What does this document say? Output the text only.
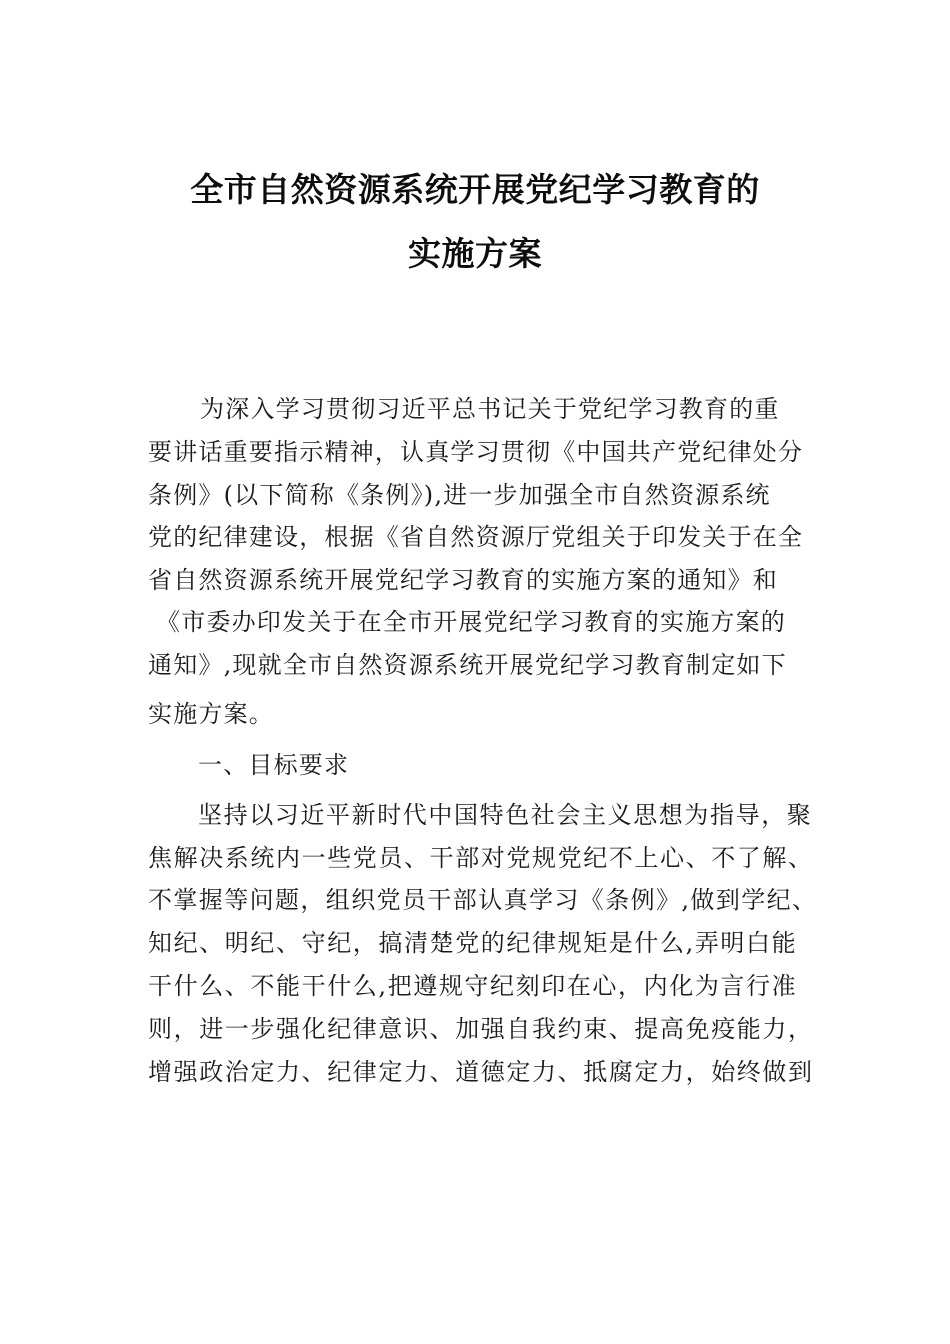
全市自然资源系统开展党纪学习教育的
实施方案
为深入学习贯彻习近平总书记关于党纪学习教育的重
要讲话重要指示精神，认真学习贯彻《中国共产党纪律处分
条例》(以下简称《条例》),进一步加强全市自然资源系统
党的纪律建设，根据《省自然资源厅党组关于印发关于在全
省自然资源系统开展党纪学习教育的实施方案的通知》和
《市委办印发关于在全市开展党纪学习教育的实施方案的
通知》,现就全市自然资源系统开展党纪学习教育制定如下
实施方案。
一、目标要求
坚持以习近平新时代中国特色社会主义思想为指导，聚
焦解决系统内一些党员、干部对党规党纪不上心、不了解、
不掌握等问题，组织党员干部认真学习《条例》,做到学纪、
知纪、明纪、守纪，搞清楚党的纪律规矩是什么,弄明白能
干什么、不能干什么,把遵规守纪刻印在心，内化为言行准
则，进一步强化纪律意识、加强自我约束、提高免疫能力，
增强政治定力、纪律定力、道德定力、抵腐定力，始终做到
